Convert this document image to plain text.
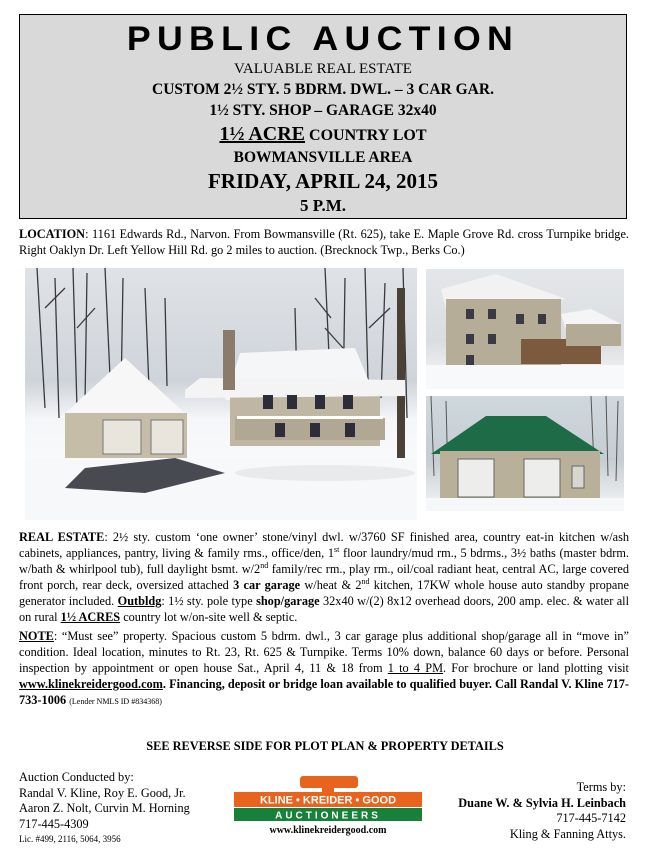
PUBLIC AUCTION
VALUABLE REAL ESTATE
CUSTOM 2½ STY. 5 BDRM. DWL. – 3 CAR GAR.
1½ STY. SHOP – GARAGE 32x40
1½ ACRE COUNTRY LOT
BOWMANSVILLE AREA
FRIDAY, APRIL 24, 2015
5 P.M.
LOCATION: 1161 Edwards Rd., Narvon. From Bowmansville (Rt. 625), take E. Maple Grove Rd. cross Turnpike bridge. Right Oaklyn Dr. Left Yellow Hill Rd. go 2 miles to auction. (Brecknock Twp., Berks Co.)

REAL ESTATE: 2½ sty. custom ‘one owner’ stone/vinyl dwl. w/3760 SF finished area, country eat-in kitchen w/ash cabinets, appliances, pantry, living & family rms., office/den, 1st floor laundry/mud rm., 5 bdrms., 3½ baths (master bdrm. w/bath & whirlpool tub), full daylight bsmt. w/2nd family/rec rm., play rm., oil/coal radiant heat, central AC, large covered front porch, rear deck, oversized attached 3 car garage w/heat & 2nd kitchen, 17KW whole house auto standby propane generator included. Outbldg: 1½ sty. pole type shop/garage 32x40 w/(2) 8x12 overhead doors, 200 amp. elec. & water all on rural 1½ ACRES country lot w/on-site well & septic.

NOTE: “Must see” property. Spacious custom 5 bdrm. dwl., 3 car garage plus additional shop/garage all in “move in” condition. Ideal location, minutes to Rt. 23, Rt. 625 & Turnpike. Terms 10% down, balance 60 days or before. Personal inspection by appointment or open house Sat., April 4, 11 & 18 from 1 to 4 PM. For brochure or land plotting visit www.klinekreidergood.com. Financing, deposit or bridge loan available to qualified buyer. Call Randal V. Kline 717-733-1006 (Lender NMLS ID #834368)

SEE REVERSE SIDE FOR PLOT PLAN & PROPERTY DETAILS
Auction Conducted by:
Randal V. Kline, Roy E. Good, Jr.
Aaron Z. Nolt, Curvin M. Horning
717-445-4309
Lic. #499, 2116, 5064, 3956
KLINE • KREIDER • GOOD
AUCTIONEERS
www.klinekreidergood.com
Terms by:
Duane W. & Sylvia H. Leinbach
717-445-7142
Kling & Fanning Attys.
